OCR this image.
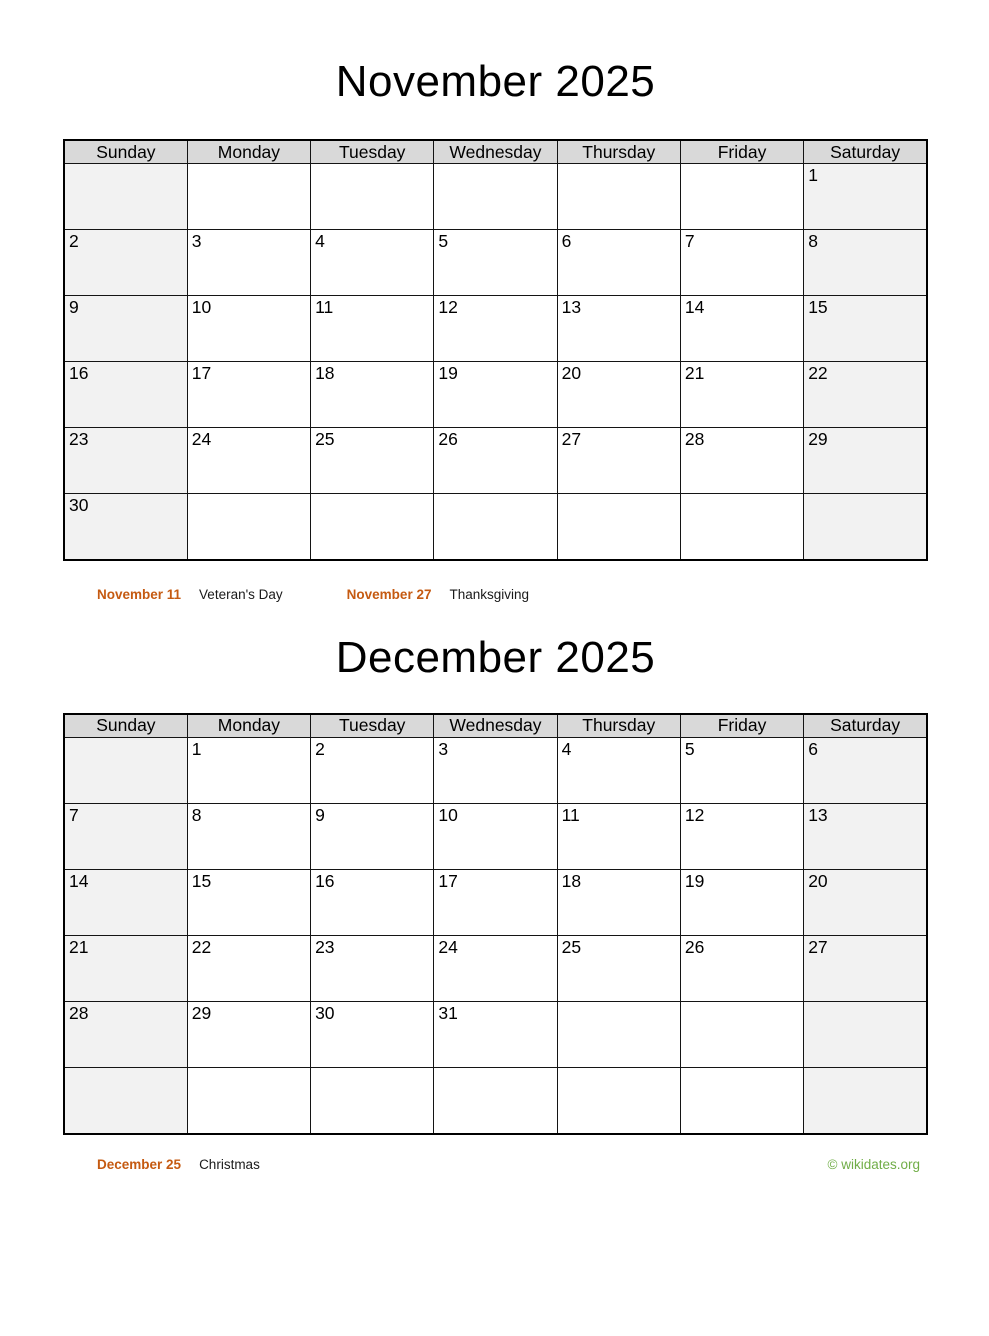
November 2025
Sunday	Monday	Tuesday	Wednesday	Thursday	Friday	Saturday
						1
2	3	4	5	6	7	8
9	10	11	12	13	14	15
16	17	18	19	20	21	22
23	24	25	26	27	28	29
30						
November 11 Veteran's Day	November 27 Thanksgiving
December 2025
Sunday	Monday	Tuesday	Wednesday	Thursday	Friday	Saturday
	1	2	3	4	5	6
7	8	9	10	11	12	13
14	15	16	17	18	19	20
21	22	23	24	25	26	27
28	29	30	31			

December 25 Christmas	© wikidates.org
